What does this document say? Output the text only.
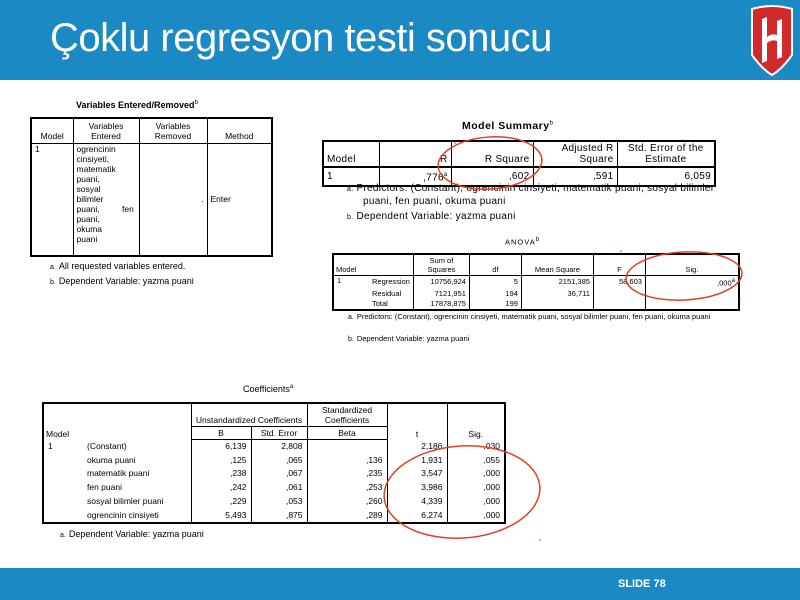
Çoklu regresyon testi sonucu
Variables Entered/Removed$^b$
Model	Variables Entered	Variables Removed	Method
1	ogrencinin cinsiyeti, matematik puani, sosyal bilimler puani, fen puani, okuma puani	.	Enter
a. All requested variables entered.
b. Dependent Variable: yazma puani
Model Summary$^b$
Model	R	R Square	Adjusted R Square	Std. Error of the Estimate
1	,776$^a$	,602	,591	6,059
a. Predictors: (Constant), ogrencinin cinsiyeti, matematik puani, sosyal bilimler puani, fen puani, okuma puani
b. Dependent Variable: yazma puani
ANOVA$^b$
Model		Sum of Squares	df	Mean Square	F	Sig.
1	Regression	10756,924	5	2151,385	58,603	,000$^a$
	Residual	7121,951	194	36,711		
	Total	17878,875	199			
a. Predictors: (Constant), ogrencinin cinsiyeti, matematik puani, sosyal bilimler puani, fen puani, okuma puani
b. Dependent Variable: yazma puani
Coefficients$^a$
Model		Unstandardized Coefficients		Standardized Coefficients	t	Sig.
		B	Std. Error	Beta		
1	(Constant)	6,139	2,808		2,186	,030
	okuma puani	,125	,065	,136	1,931	,055
	matematik puani	,238	,067	,235	3,547	,000
	fen puani	,242	,061	,253	3,986	,000
	sosyal bilimler puani	,229	,053	,260	4,339	,000
	ogrencinin cinsiyeti	5,493	,875	,289	6,274	,000
a. Dependent Variable: yazma puani
SLIDE 78
